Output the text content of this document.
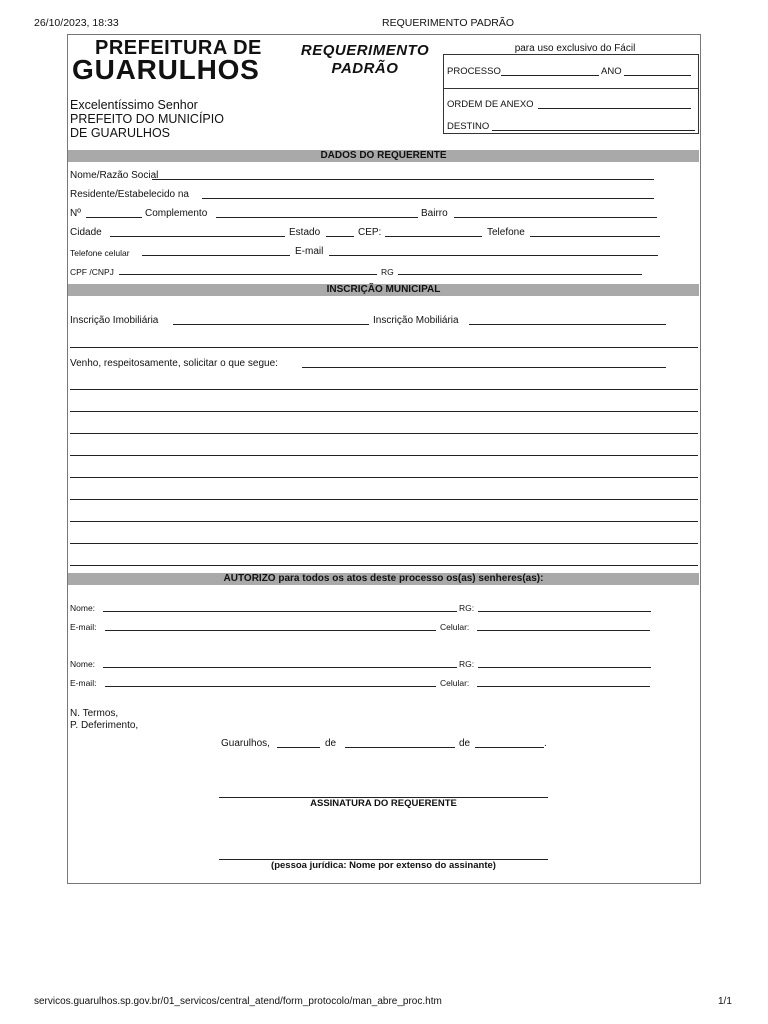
26/10/2023, 18:33	REQUERIMENTO PADRÃO
PREFEITURA DE
GUARULHOS
REQUERIMENTO
PADRÃO
para uso exclusivo do Fácil
PROCESSO	ANO
ORDEM DE ANEXO
DESTINO
Excelentíssimo Senhor
PREFEITO DO MUNICÍPIO
DE GUARULHOS
DADOS DO REQUERENTE
Nome/Razão Social
Residente/Estabelecido na
Nº	Complemento	Bairro
Cidade	Estado	CEP:	Telefone
Telefone celular	E-mail
CPF /CNPJ	RG
INSCRIÇÃO MUNICIPAL
Inscrição Imobiliária	Inscrição Mobiliária
Venho, respeitosamente, solicitar o que segue:
AUTORIZO para todos os atos deste processo os(as) senheres(as):
Nome:	RG:
E-mail:	Celular:
Nome:	RG:
E-mail:	Celular:
N. Termos,
P. Deferimento,
Guarulhos,	de	de	.
ASSINATURA DO REQUERENTE
(pessoa jurídica: Nome por extenso do assinante)
servicos.guarulhos.sp.gov.br/01_servicos/central_atend/form_protocolo/man_abre_proc.htm	1/1
